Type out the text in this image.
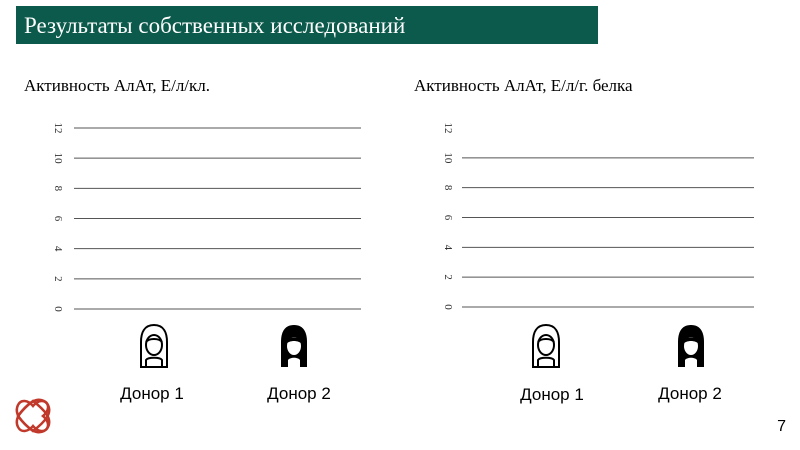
Результаты собственных исследований
Активность АлАт, Е/л/кл.	Активность АлАт, Е/л/г. белка
0
2
4
6
8
10
12
0
2
4
6
8
10
12
Донор 1	Донор 2	Донор 1	Донор 2
7
